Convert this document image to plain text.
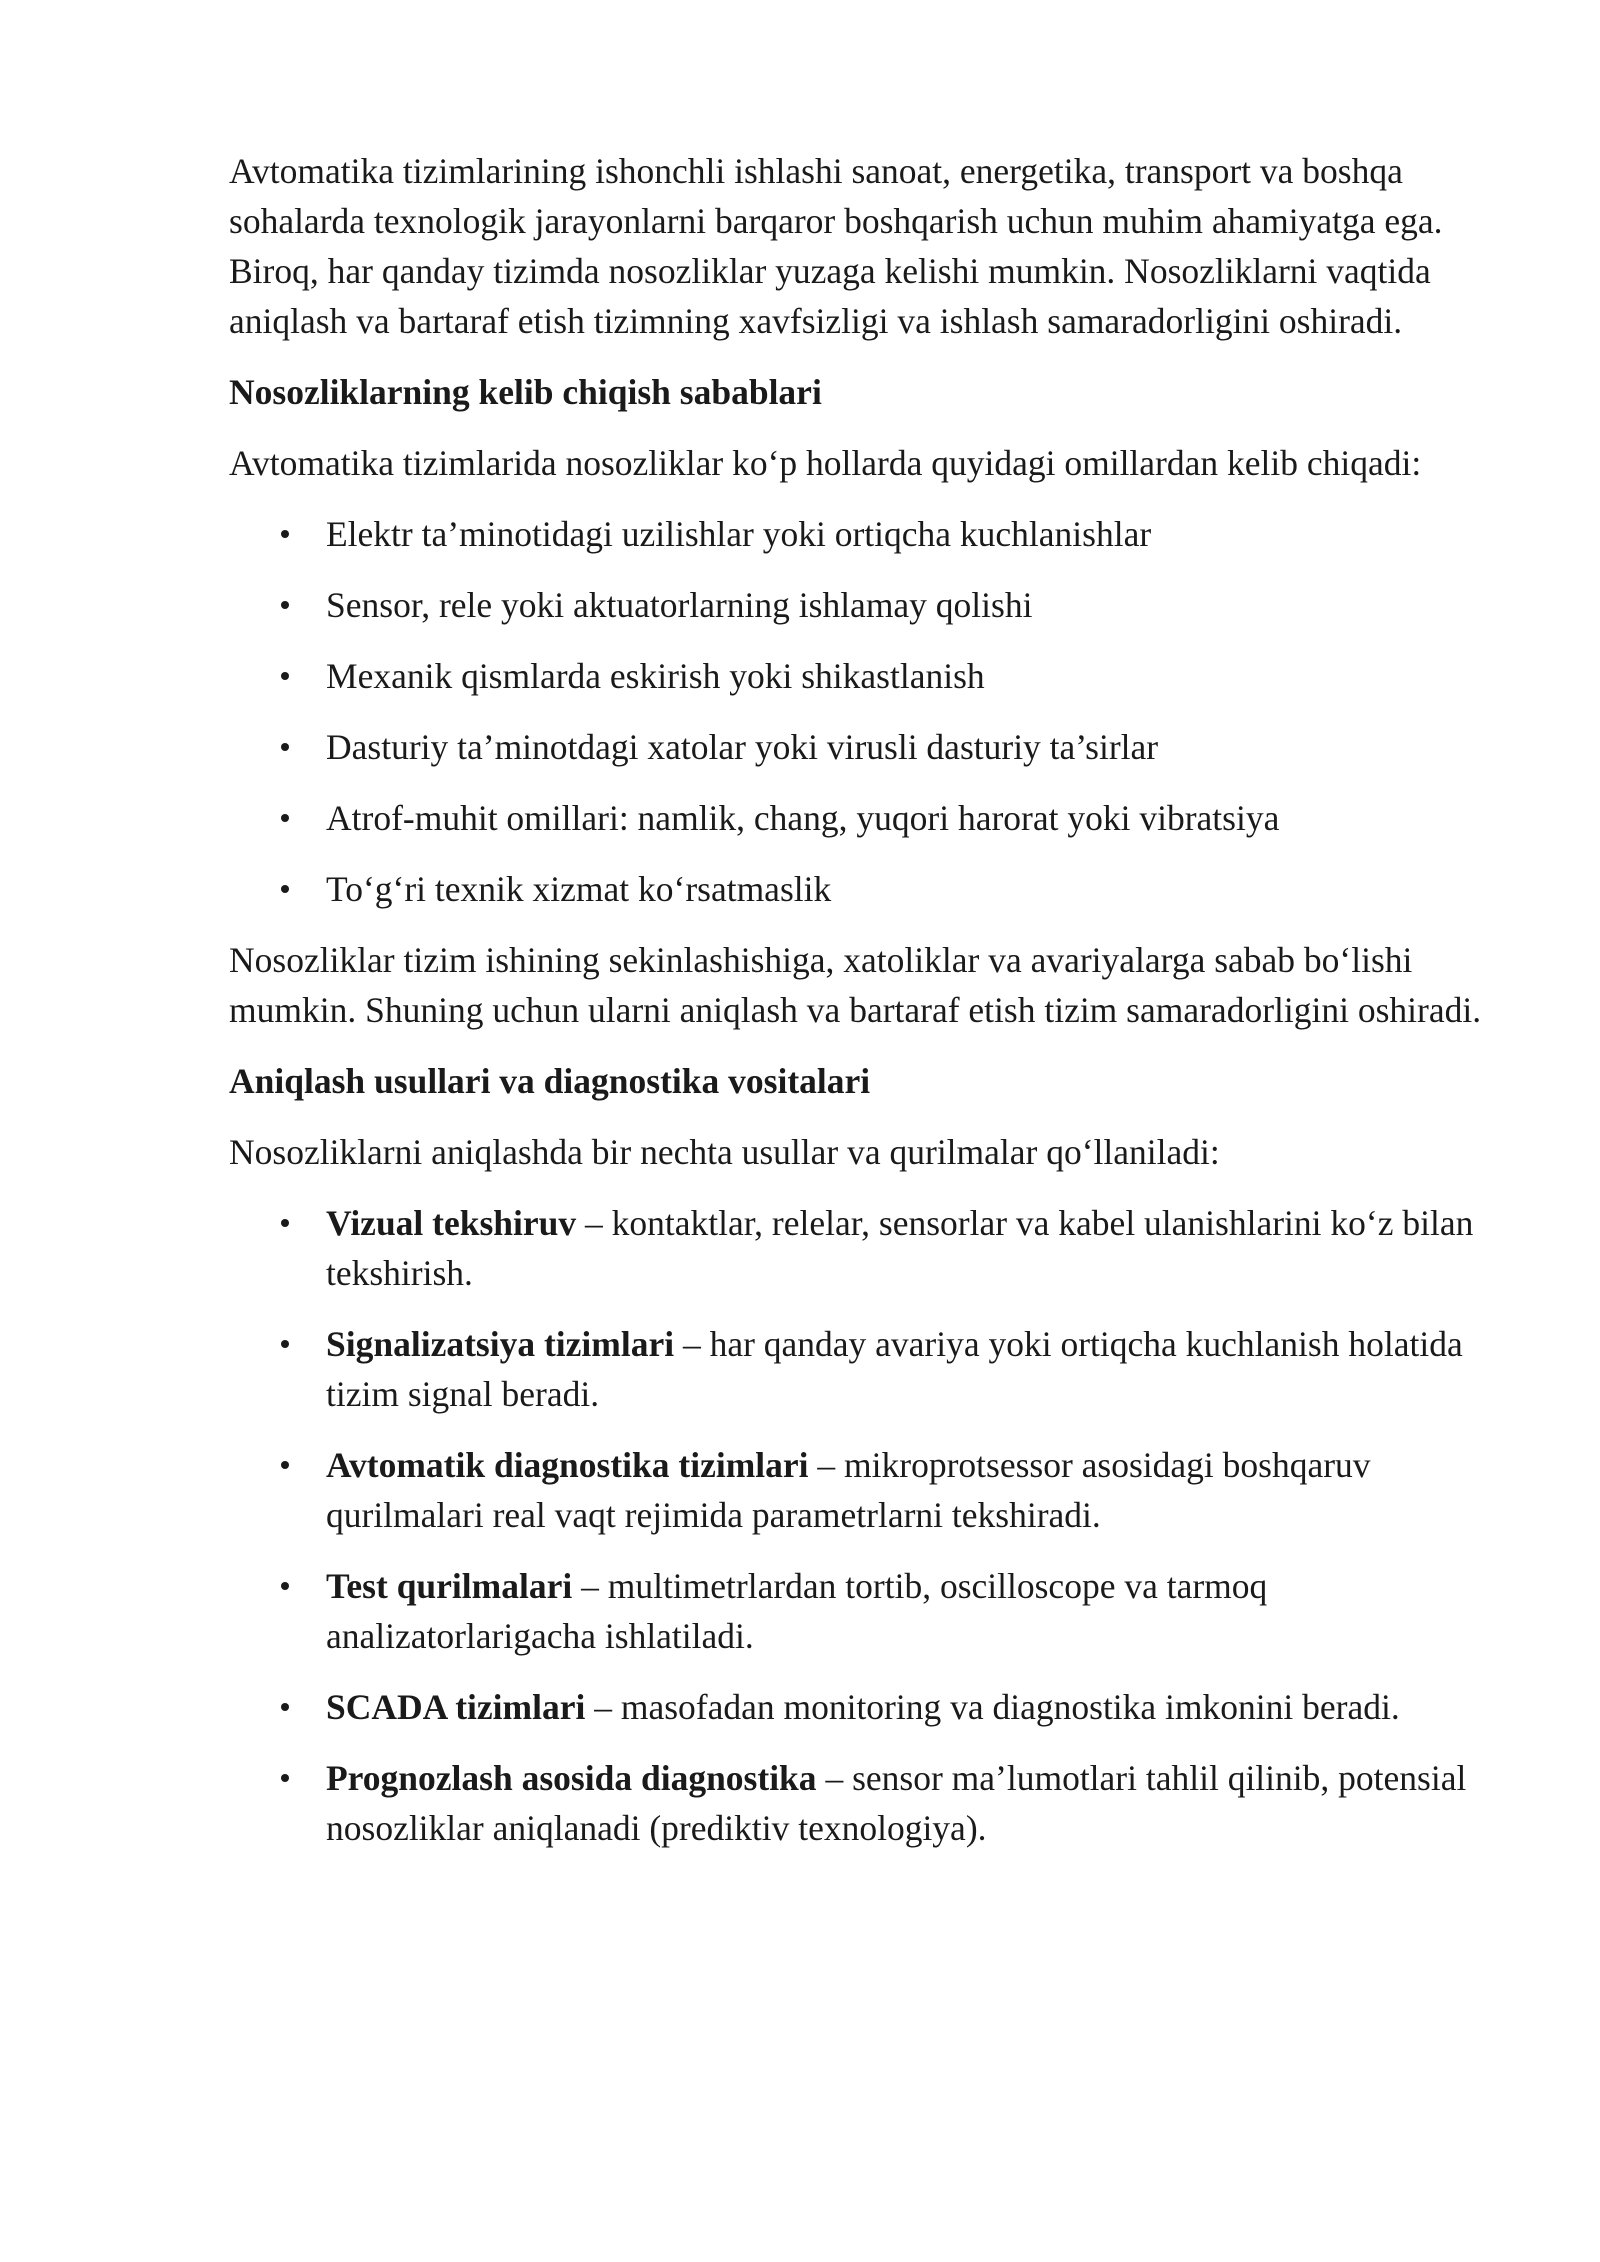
Avtomatika tizimlarining ishonchli ishlashi sanoat, energetika, transport va boshqa sohalarda texnologik jarayonlarni barqaror boshqarish uchun muhim ahamiyatga ega. Biroq, har qanday tizimda nosozliklar yuzaga kelishi mumkin. Nosozliklarni vaqtida aniqlash va bartaraf etish tizimning xavfsizligi va ishlash samaradorligini oshiradi.

Nosozliklarning kelib chiqish sabablari

Avtomatika tizimlarida nosozliklar ko‘p hollarda quyidagi omillardan kelib chiqadi:

Elektr ta’minotidagi uzilishlar yoki ortiqcha kuchlanishlar
Sensor, rele yoki aktuatorlarning ishlamay qolishi
Mexanik qismlarda eskirish yoki shikastlanish
Dasturiy ta’minotdagi xatolar yoki virusli dasturiy ta’sirlar
Atrof-muhit omillari: namlik, chang, yuqori harorat yoki vibratsiya
To‘g‘ri texnik xizmat ko‘rsatmaslik

Nosozliklar tizim ishining sekinlashishiga, xatoliklar va avariyalarga sabab bo‘lishi mumkin. Shuning uchun ularni aniqlash va bartaraf etish tizim samaradorligini oshiradi.

Aniqlash usullari va diagnostika vositalari

Nosozliklarni aniqlashda bir nechta usullar va qurilmalar qo‘llaniladi:

Vizual tekshiruv – kontaktlar, relelar, sensorlar va kabel ulanishlarini ko‘z bilan tekshirish.
Signalizatsiya tizimlari – har qanday avariya yoki ortiqcha kuchlanish holatida tizim signal beradi.
Avtomatik diagnostika tizimlari – mikroprotsessor asosidagi boshqaruv qurilmalari real vaqt rejimida parametrlarni tekshiradi.
Test qurilmalari – multimetrlardan tortib, oscilloscope va tarmoq analizatorlarigacha ishlatiladi.
SCADA tizimlari – masofadan monitoring va diagnostika imkonini beradi.
Prognozlash asosida diagnostika – sensor ma’lumotlari tahlil qilinib, potensial nosozliklar aniqlanadi (prediktiv texnologiya).
